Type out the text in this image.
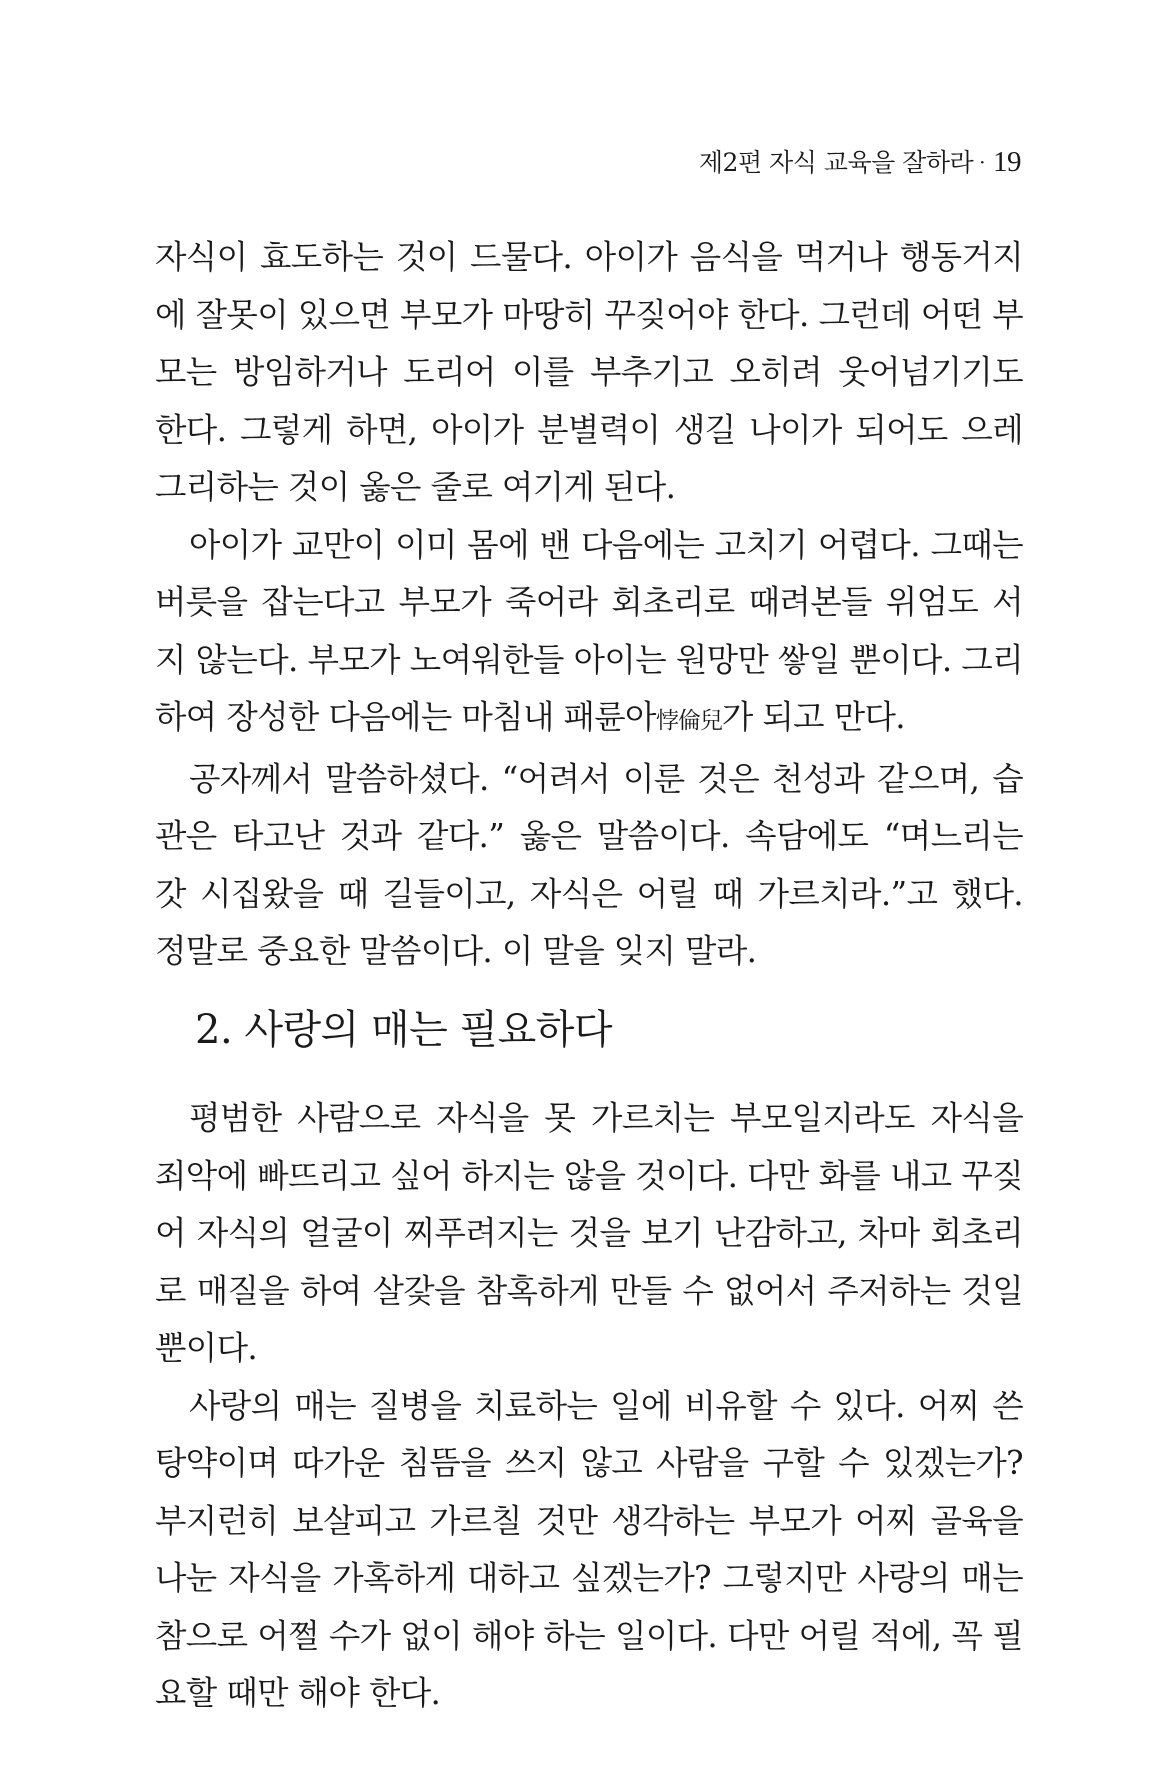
제2편 자식 교육을 잘하라 · 19

자식이 효도하는 것이 드물다. 아이가 음식을 먹거나 행동거지에 잘못이 있으면 부모가 마땅히 꾸짖어야 한다. 그런데 어떤 부모는 방임하거나 도리어 이를 부추기고 오히려 웃어넘기기도 한다. 그렇게 하면, 아이가 분별력이 생길 나이가 되어도 으레 그리하는 것이 옳은 줄로 여기게 된다.

아이가 교만이 이미 몸에 밴 다음에는 고치기 어렵다. 그때는 버릇을 잡는다고 부모가 죽어라 회초리로 때려본들 위엄도 서지 않는다. 부모가 노여워한들 아이는 원망만 쌓일 뿐이다. 그리하여 장성한 다음에는 마침내 패륜아悖倫兒가 되고 만다.

공자께서 말씀하셨다. “어려서 이룬 것은 천성과 같으며, 습관은 타고난 것과 같다.” 옳은 말씀이다. 속담에도 “며느리는 갓 시집왔을 때 길들이고, 자식은 어릴 때 가르치라.”고 했다. 정말로 중요한 말씀이다. 이 말을 잊지 말라.

2. 사랑의 매는 필요하다

평범한 사람으로 자식을 못 가르치는 부모일지라도 자식을 죄악에 빠뜨리고 싶어 하지는 않을 것이다. 다만 화를 내고 꾸짖어 자식의 얼굴이 찌푸려지는 것을 보기 난감하고, 차마 회초리로 매질을 하여 살갗을 참혹하게 만들 수 없어서 주저하는 것일 뿐이다.

사랑의 매는 질병을 치료하는 일에 비유할 수 있다. 어찌 쓴 탕약이며 따가운 침뜸을 쓰지 않고 사람을 구할 수 있겠는가? 부지런히 보살피고 가르칠 것만 생각하는 부모가 어찌 골육을 나눈 자식을 가혹하게 대하고 싶겠는가? 그렇지만 사랑의 매는 참으로 어쩔 수가 없이 해야 하는 일이다. 다만 어릴 적에, 꼭 필요할 때만 해야 한다.
